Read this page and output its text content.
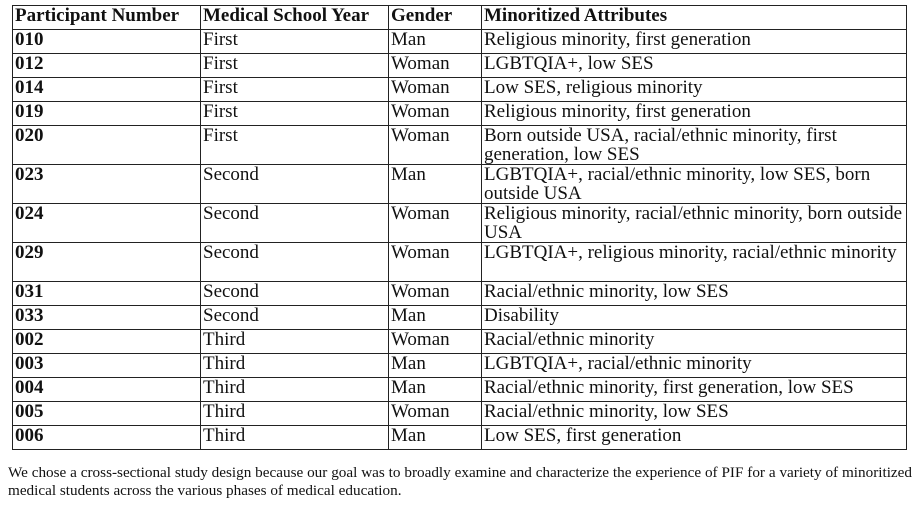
Participant Number	Medical School Year	Gender	Minoritized Attributes
010	First	Man	Religious minority, first generation
012	First	Woman	LGBTQIA+, low SES
014	First	Woman	Low SES, religious minority
019	First	Woman	Religious minority, first generation
020	First	Woman	Born outside USA, racial/ethnic minority, first generation, low SES
023	Second	Man	LGBTQIA+, racial/ethnic minority, low SES, born outside USA
024	Second	Woman	Religious minority, racial/ethnic minority, born outside USA
029	Second	Woman	LGBTQIA+, religious minority, racial/ethnic minority
031	Second	Woman	Racial/ethnic minority, low SES
033	Second	Man	Disability
002	Third	Woman	Racial/ethnic minority
003	Third	Man	LGBTQIA+, racial/ethnic minority
004	Third	Man	Racial/ethnic minority, first generation, low SES
005	Third	Woman	Racial/ethnic minority, low SES
006	Third	Man	Low SES, first generation

We chose a cross-sectional study design because our goal was to broadly examine and characterize the experience of PIF for a variety of minoritized medical students across the various phases of medical education.
